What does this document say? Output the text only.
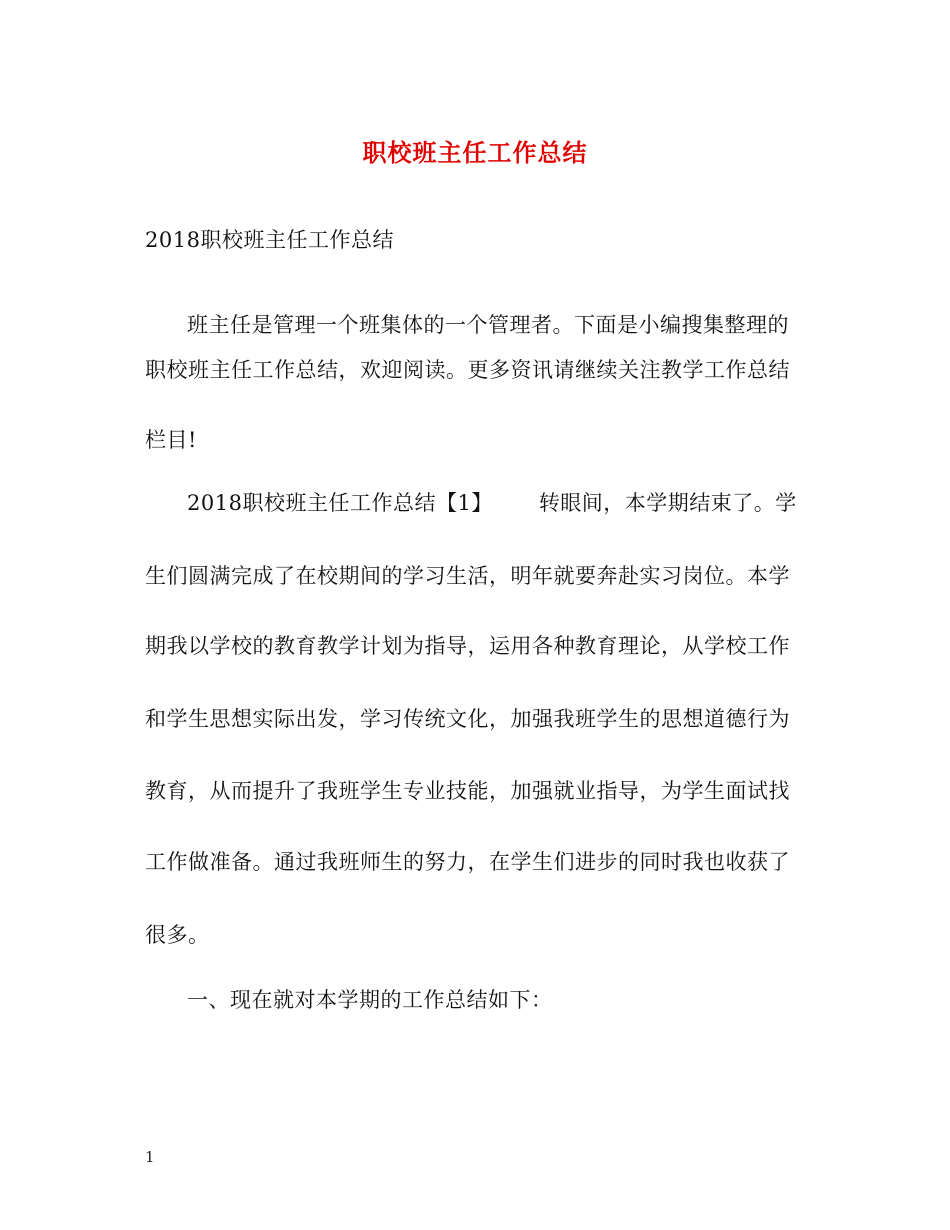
职校班主任工作总结
2018职校班主任工作总结
班主任是管理一个班集体的一个管理者。下面是小编搜集整理的
职校班主任工作总结，欢迎阅读。更多资讯请继续关注教学工作总结
栏目!
2018职校班主任工作总结【1】 转眼间，本学期结束了。学
生们圆满完成了在校期间的学习生活，明年就要奔赴实习岗位。本学
期我以学校的教育教学计划为指导，运用各种教育理论，从学校工作
和学生思想实际出发，学习传统文化，加强我班学生的思想道德行为
教育，从而提升了我班学生专业技能，加强就业指导，为学生面试找
工作做准备。通过我班师生的努力，在学生们进步的同时我也收获了
很多。
一、现在就对本学期的工作总结如下：
1
